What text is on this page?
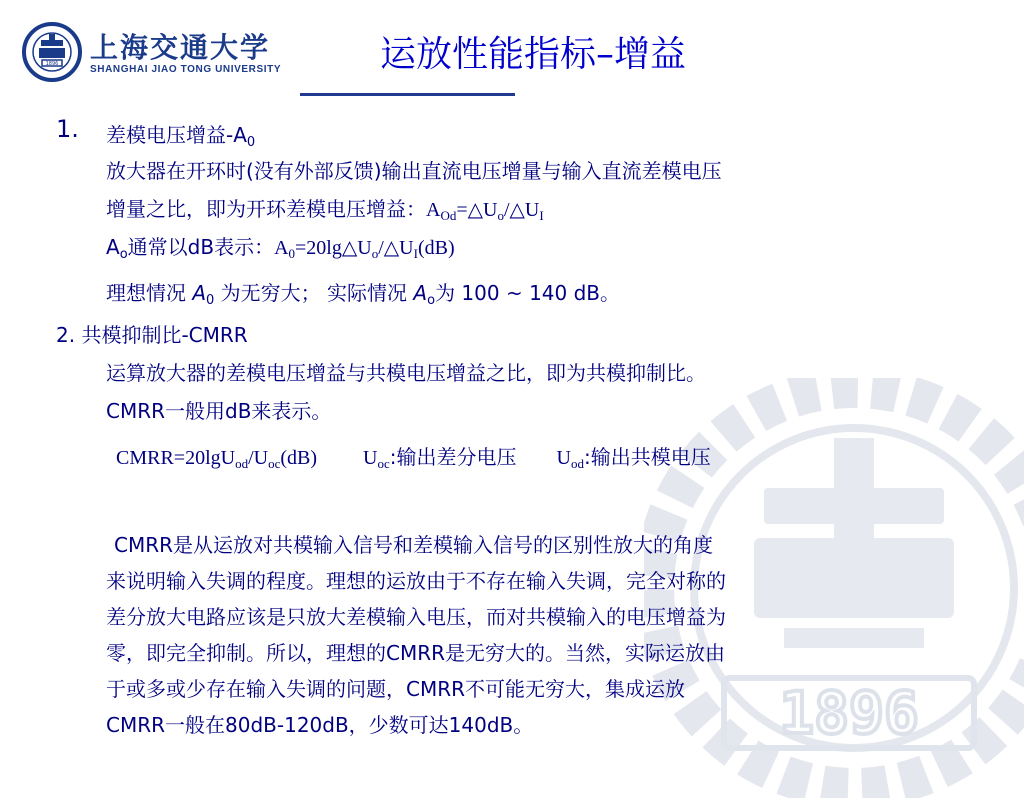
1896
1896 上海交通大学
SHANGHAI JIAO TONG UNIVERSITY	运放性能指标–增益
1. 差模电压增益$-A_0$
放大器在开环时(没有外部反馈)输出直流电压增量与输入直流差模电压
增量之比，即为开环差模电压增益：$A_{Od}=\triangle U_o/\triangle U_I$
$A_o$通常以dB表示：$A_0=20\lg\triangle U_o/\triangle U_I(dB)$
理想情况 $A_0$ 为无穷大； 实际情况 $A_o$为 100 ~ 140 dB。
2. 共模抑制比-CMRR
运算放大器的差模电压增益与共模电压增益之比，即为共模抑制比。
CMRR一般用dB来表示。
$CMRR=20\lg U_{od}/U_{oc}(dB)$ $U_{oc}$:输出差分电压 $U_{od}$:输出共模电压
CMRR是从运放对共模输入信号和差模输入信号的区别性放大的角度
来说明输入失调的程度。理想的运放由于不存在输入失调，完全对称的
差分放大电路应该是只放大差模输入电压，而对共模输入的电压增益为
零，即完全抑制。所以，理想的CMRR是无穷大的。当然，实际运放由
于或多或少存在输入失调的问题，CMRR不可能无穷大，集成运放
CMRR一般在80dB-120dB，少数可达140dB。
